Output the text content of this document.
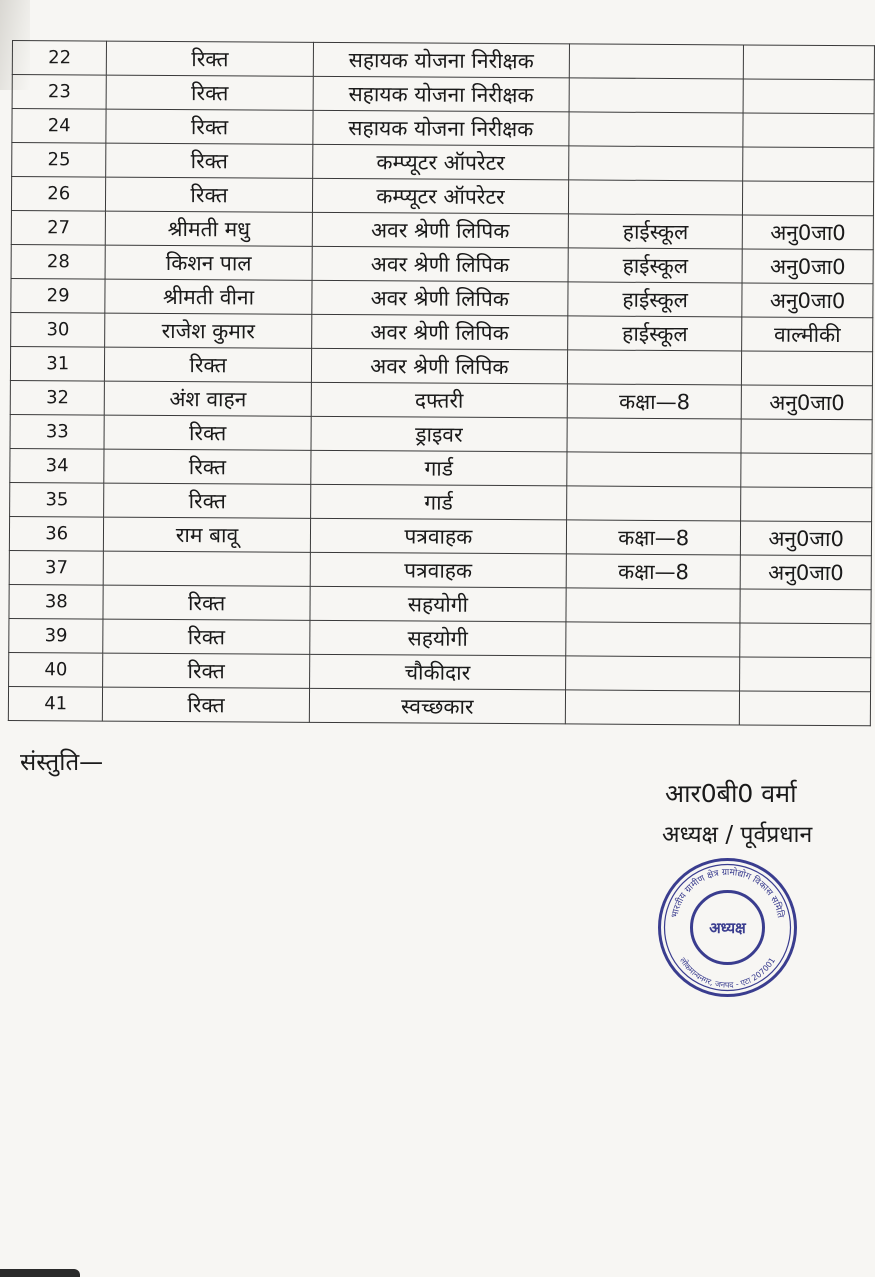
22	रिक्त	सहायक योजना निरीक्षक		
23	रिक्त	सहायक योजना निरीक्षक		
24	रिक्त	सहायक योजना निरीक्षक		
25	रिक्त	कम्प्यूटर ऑपरेटर		
26	रिक्त	कम्प्यूटर ऑपरेटर		
27	श्रीमती मधु	अवर श्रेणी लिपिक	हाईस्कूल	अनु0जा0
28	किशन पाल	अवर श्रेणी लिपिक	हाईस्कूल	अनु0जा0
29	श्रीमती वीना	अवर श्रेणी लिपिक	हाईस्कूल	अनु0जा0
30	राजेश कुमार	अवर श्रेणी लिपिक	हाईस्कूल	वाल्मीकी
31	रिक्त	अवर श्रेणी लिपिक		
32	अंश वाहन	दफ्तरी	कक्षा—8	अनु0जा0
33	रिक्त	ड्राइवर		
34	रिक्त	गार्ड		
35	रिक्त	गार्ड		
36	राम बावू	पत्रवाहक	कक्षा—8	अनु0जा0
37		पत्रवाहक	कक्षा—8	अनु0जा0
38	रिक्त	सहयोगी		
39	रिक्त	सहयोगी		
40	रिक्त	चौकीदार		
41	रिक्त	स्वच्छकार		
संस्तुति—
आर0बी0 वर्मा
अध्यक्ष / पूर्वप्रधान
भारतीय ग्रामीण क्षेत्र ग्रामोद्योग विकास समिति
लोकमान्यनगर, जनपद - एटा 207001
अध्यक्ष
